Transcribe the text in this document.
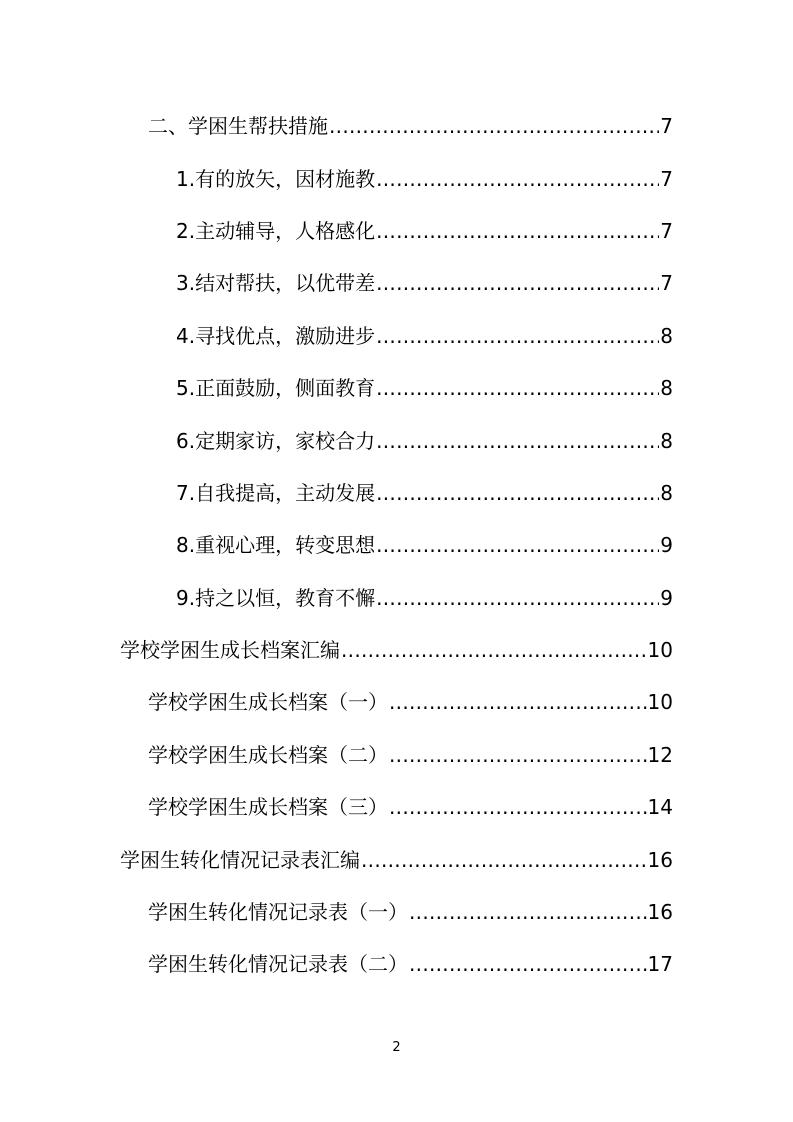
二、学困生帮扶措施 .....	7
1.有的放矢，因材施教 .....	7
2.主动辅导，人格感化 .....	7
3.结对帮扶，以优带差 .....	7
4.寻找优点，激励进步 .....	8
5.正面鼓励，侧面教育 .....	8
6.定期家访，家校合力 .....	8
7.自我提高，主动发展 .....	8
8.重视心理，转变思想 .....	9
9.持之以恒，教育不懈 .....	9
学校学困生成长档案汇编 .....	10
学校学困生成长档案（一） .....	10
学校学困生成长档案（二） .....	12
学校学困生成长档案（三） .....	14
学困生转化情况记录表汇编 .....	16
学困生转化情况记录表（一） .....	16
学困生转化情况记录表（二） .....	17
2
